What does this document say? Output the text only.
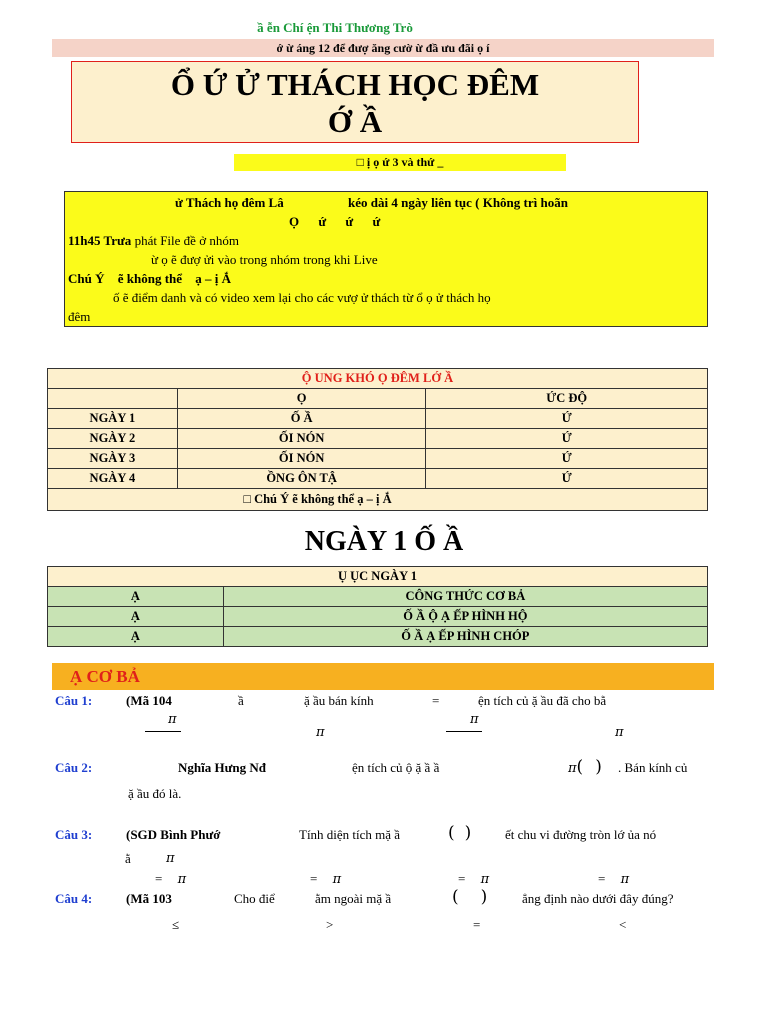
ầ ễn Chí ện Thi Thương Trò
ớ ừ áng 12 để đượ ăng cườ ừ đầ ưu đãi ọ í
Ổ Ứ Ử THÁCH HỌC ĐÊM
Ớ Ầ
□ ị ọ ứ 3 và thứ _
ử Thách họ đêm Lâ	kéo dài 4 ngày liên tục ( Không trì hoãn
Ọ ứ ứ ứ
11h45 Trưa phát File đề ở nhóm
ừ ọ ẽ đượ ửi vào trong nhóm trong khi Live
Chú Ý ẽ không thể ạ – ị Ắ
ố ẽ điểm danh và có video xem lại cho các vượ ử thách từ ổ ọ ử thách họ
đêm
Ộ UNG KHÓ Ọ ĐÊM LỚ Ầ		
	Ọ	ỨC ĐỘ
NGÀY 1	Ố Ầ	Ứ
NGÀY 2	ỐI NÓN	Ứ
NGÀY 3	ỐI NÓN	Ứ
NGÀY 4	ỒNG ÔN TẬ	Ứ
□ Chú Ý ẽ không thể ạ – ị Ắ		
NGÀY 1 Ố Ầ
Ụ ỤC NGÀY 1	
Ạ	CÔNG THỨC CƠ BẢ
Ạ	Ố Ầ Ộ Ạ ẾP HÌNH HỘ
Ạ	Ố Ầ Ạ ẾP HÌNH CHÓP
Ạ CƠ BẢ
Câu 1:	(Mã 104	ầ	ặ ầu bán kính	=	ện tích củ ặ ầu đã cho bằ
π
π
π
π
Câu 2:	Nghĩa Hưng Nđ	ện tích củ ộ ặ ầ ầ	π( ) . Bán kính củ
ặ ầu đó là.
Câu 3:	(SGD Bình Phướ	Tính diện tích mặ ầ	( )	ết chu vi đường tròn lớ ủa nó
ằ	π
= π	= π	= π	= π
Câu 4:	(Mã 103	Cho điể	ằm ngoài mặ ầ	( )	ẳng định nào dưới đây đúng?
≤	>	=	<
